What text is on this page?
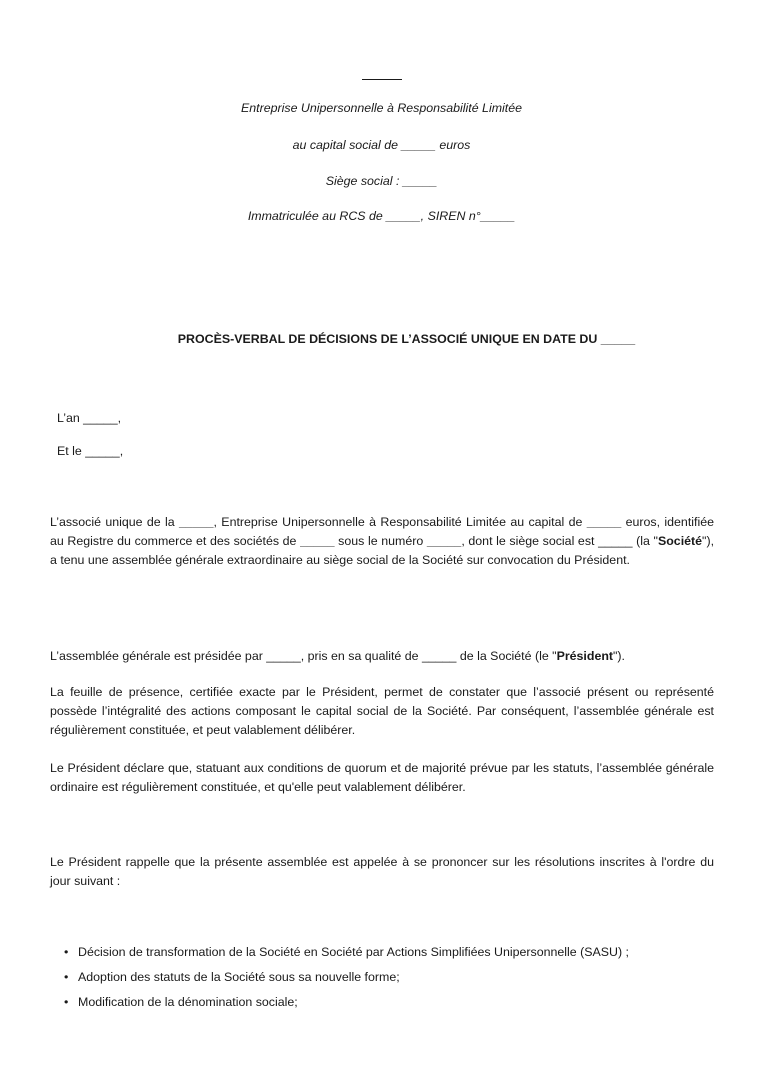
Entreprise Unipersonnelle à Responsabilité Limitée
au capital social de _____ euros
Siège social : _____
Immatriculée au RCS de _____, SIREN n°_____
PROCÈS-VERBAL DE DÉCISIONS DE L’ASSOCIÉ UNIQUE EN DATE DU _____
L’an _____,
Et le _____,

L’associé unique de la _____, Entreprise Unipersonnelle à Responsabilité Limitée au capital de _____ euros, identifiée au Registre du commerce et des sociétés de _____ sous le numéro _____, dont le siège social est _____ (la "Société"), a tenu une assemblée générale extraordinaire au siège social de la Société sur convocation du Président.

L’assemblée générale est présidée par _____, pris en sa qualité de _____ de la Société (le "Président").

La feuille de présence, certifiée exacte par le Président, permet de constater que l’associé présent ou représenté possède l’intégralité des actions composant le capital social de la Société. Par conséquent, l’assemblée générale est régulièrement constituée, et peut valablement délibérer.

Le Président déclare que, statuant aux conditions de quorum et de majorité prévue par les statuts, l’assemblée générale ordinaire est régulièrement constituée, et qu'elle peut valablement délibérer.

Le Président rappelle que la présente assemblée est appelée à se prononcer sur les résolutions inscrites à l'ordre du jour suivant :

• Décision de transformation de la Société en Société par Actions Simplifiées Unipersonnelle (SASU) ;
• Adoption des statuts de la Société sous sa nouvelle forme;
• Modification de la dénomination sociale;
